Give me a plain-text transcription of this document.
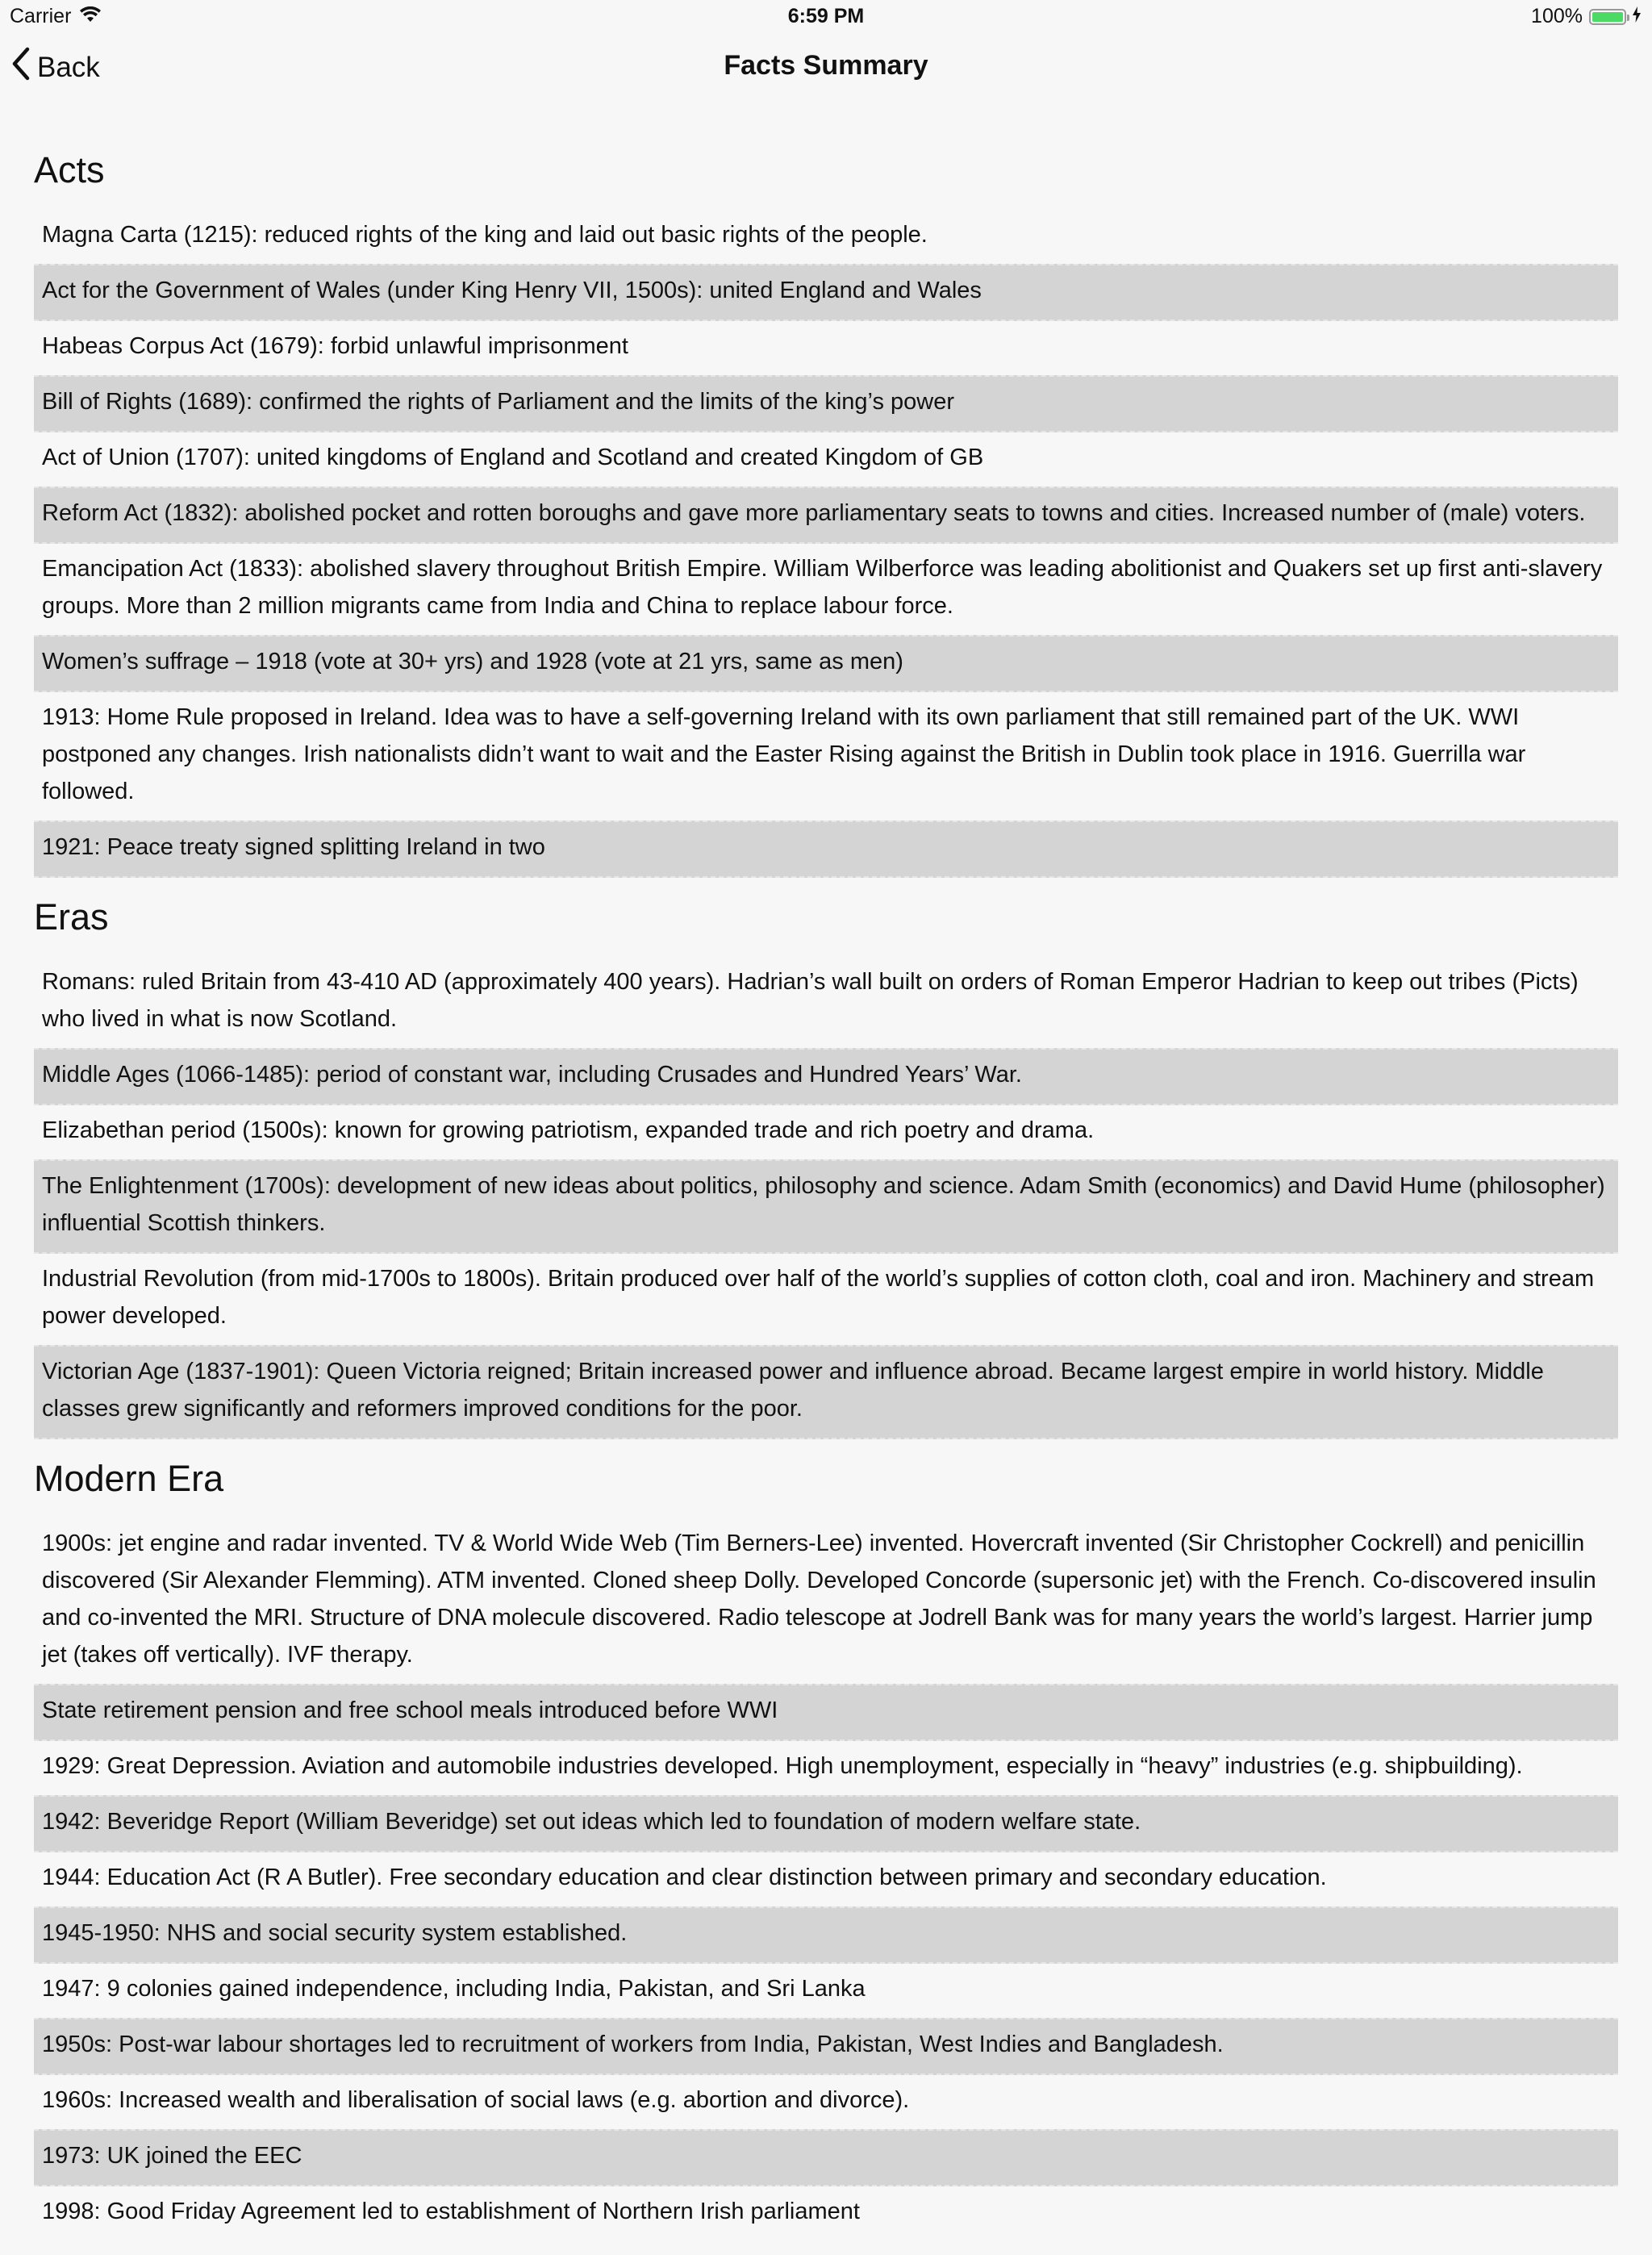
Carrier	6:59 PM	100%
Back	Facts Summary
Acts
Magna Carta (1215): reduced rights of the king and laid out basic rights of the people.
Act for the Government of Wales (under King Henry VII, 1500s): united England and Wales
Habeas Corpus Act (1679): forbid unlawful imprisonment
Bill of Rights (1689): confirmed the rights of Parliament and the limits of the king’s power
Act of Union (1707): united kingdoms of England and Scotland and created Kingdom of GB
Reform Act (1832): abolished pocket and rotten boroughs and gave more parliamentary seats to towns and cities. Increased number of (male) voters.
Emancipation Act (1833): abolished slavery throughout British Empire. William Wilberforce was leading abolitionist and Quakers set up first anti-slavery groups. More than 2 million migrants came from India and China to replace labour force.
Women’s suffrage – 1918 (vote at 30+ yrs) and 1928 (vote at 21 yrs, same as men)
1913: Home Rule proposed in Ireland. Idea was to have a self-governing Ireland with its own parliament that still remained part of the UK. WWI postponed any changes. Irish nationalists didn’t want to wait and the Easter Rising against the British in Dublin took place in 1916. Guerrilla war followed.
1921: Peace treaty signed splitting Ireland in two
Eras
Romans: ruled Britain from 43-410 AD (approximately 400 years). Hadrian’s wall built on orders of Roman Emperor Hadrian to keep out tribes (Picts) who lived in what is now Scotland.
Middle Ages (1066-1485): period of constant war, including Crusades and Hundred Years’ War.
Elizabethan period (1500s): known for growing patriotism, expanded trade and rich poetry and drama.
The Enlightenment (1700s): development of new ideas about politics, philosophy and science. Adam Smith (economics) and David Hume (philosopher) influential Scottish thinkers.
Industrial Revolution (from mid-1700s to 1800s). Britain produced over half of the world’s supplies of cotton cloth, coal and iron. Machinery and stream power developed.
Victorian Age (1837-1901): Queen Victoria reigned; Britain increased power and influence abroad. Became largest empire in world history. Middle classes grew significantly and reformers improved conditions for the poor.
Modern Era
1900s: jet engine and radar invented. TV & World Wide Web (Tim Berners-Lee) invented. Hovercraft invented (Sir Christopher Cockrell) and penicillin discovered (Sir Alexander Flemming). ATM invented. Cloned sheep Dolly. Developed Concorde (supersonic jet) with the French. Co-discovered insulin and co-invented the MRI. Structure of DNA molecule discovered. Radio telescope at Jodrell Bank was for many years the world’s largest. Harrier jump jet (takes off vertically). IVF therapy.
State retirement pension and free school meals introduced before WWI
1929: Great Depression. Aviation and automobile industries developed. High unemployment, especially in “heavy” industries (e.g. shipbuilding).
1942: Beveridge Report (William Beveridge) set out ideas which led to foundation of modern welfare state.
1944: Education Act (R A Butler). Free secondary education and clear distinction between primary and secondary education.
1945-1950: NHS and social security system established.
1947: 9 colonies gained independence, including India, Pakistan, and Sri Lanka
1950s: Post-war labour shortages led to recruitment of workers from India, Pakistan, West Indies and Bangladesh.
1960s: Increased wealth and liberalisation of social laws (e.g. abortion and divorce).
1973: UK joined the EEC
1998: Good Friday Agreement led to establishment of Northern Irish parliament
